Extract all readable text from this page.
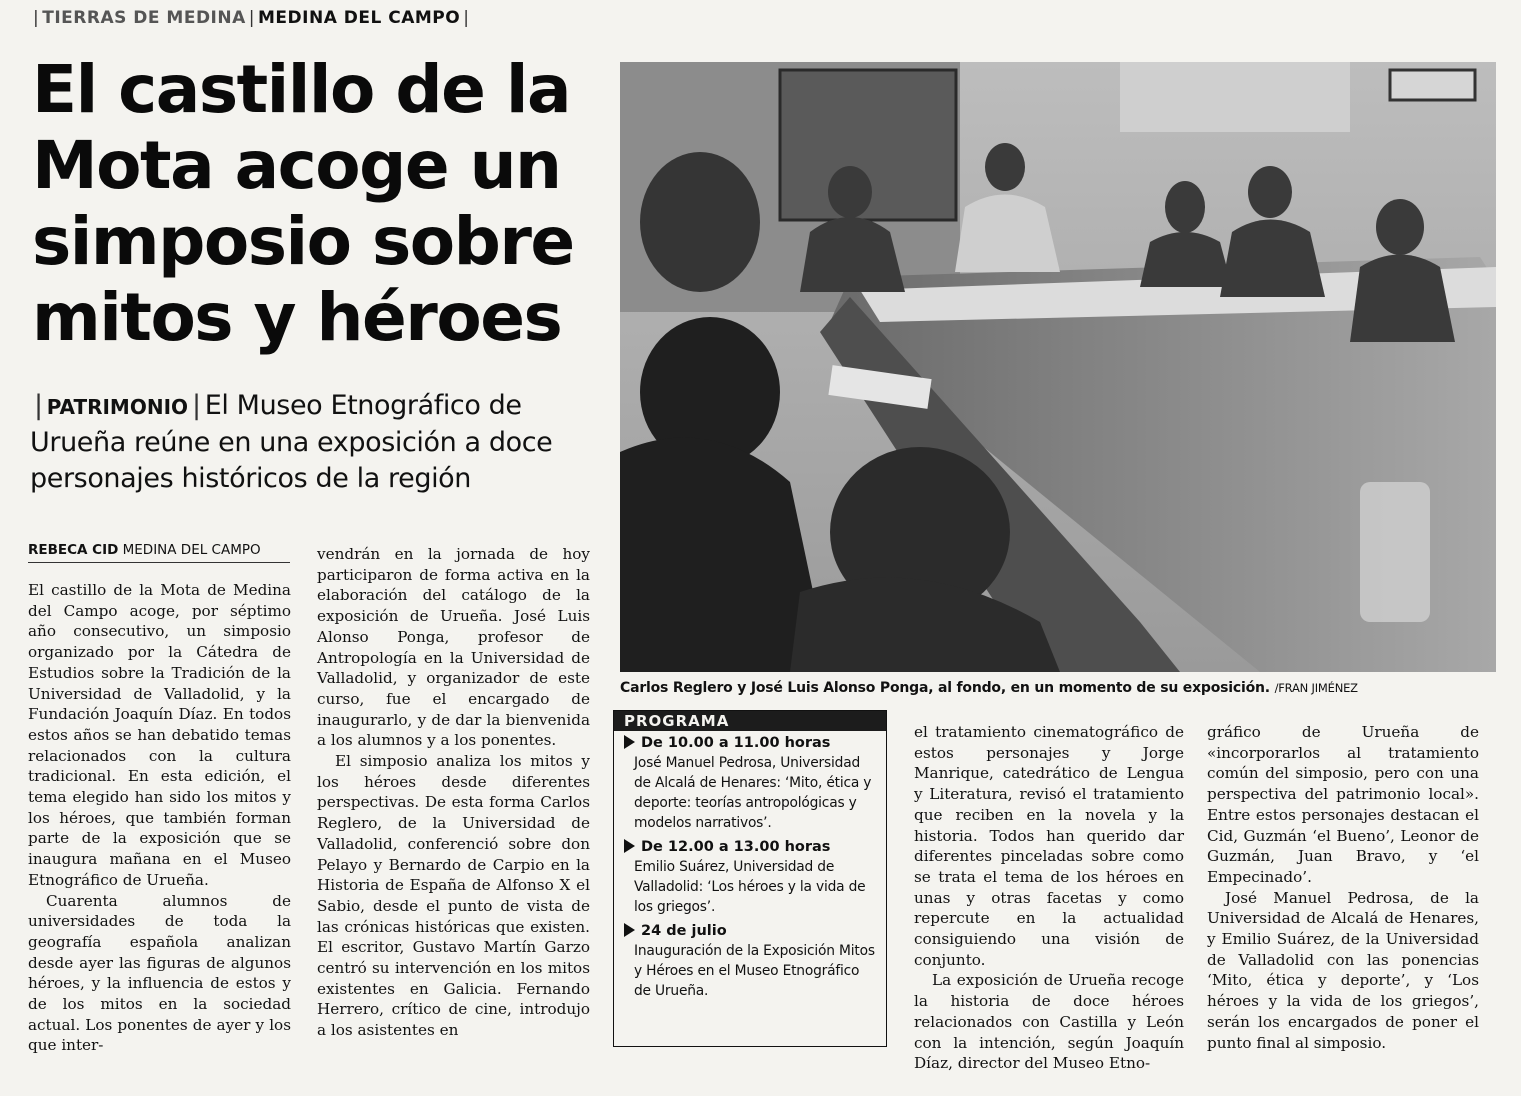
| TIERRAS DE MEDINA | MEDINA DEL CAMPO |
El castillo de la Mota acoge un simposio sobre mitos y héroes
| PATRIMONIO | El Museo Etnográfico de Urueña reúne en una exposición a doce personajes históricos de la región
REBECA CID MEDINA DEL CAMPO

El castillo de la Mota de Medina del Campo acoge, por séptimo año consecutivo, un simposio organizado por la Cátedra de Estudios sobre la Tradición de la Universidad de Valladolid, y la Fundación Joaquín Díaz. En todos estos años se han debatido temas relacionados con la cultura tradicional. En esta edición, el tema elegido han sido los mitos y los héroes, que también forman parte de la exposición que se inaugura mañana en el Museo Etnográfico de Urueña.

Cuarenta alumnos de universidades de toda la geografía española analizan desde ayer las figuras de algunos héroes, y la influencia de estos y de los mitos en la sociedad actual. Los ponentes de ayer y los que inter-

vendrán en la jornada de hoy participaron de forma activa en la elaboración del catálogo de la exposición de Urueña. José Luis Alonso Ponga, profesor de Antropología en la Universidad de Valladolid, y organizador de este curso, fue el encargado de inaugurarlo, y de dar la bienvenida a los alumnos y a los ponentes.

El simposio analiza los mitos y los héroes desde diferentes perspectivas. De esta forma Carlos Reglero, de la Universidad de Valladolid, conferenció sobre don Pelayo y Bernardo de Carpio en la Historia de España de Alfonso X el Sabio, desde el punto de vista de las crónicas históricas que existen. El escritor, Gustavo Martín Garzo centró su intervención en los mitos existentes en Galicia. Fernando Herrero, crítico de cine, introdujo a los asistentes en

Carlos Reglero y José Luis Alonso Ponga, al fondo, en un momento de su exposición. /FRAN JIMÉNEZ
PROGRAMA
De 10.00 a 11.00 horas
José Manuel Pedrosa, Universidad de Alcalá de Henares: ‘Mito, ética y deporte: teorías antropológicas y modelos narrativos’.
De 12.00 a 13.00 horas
Emilio Suárez, Universidad de Valladolid: ‘Los héroes y la vida de los griegos’.
24 de julio
Inauguración de la Exposición Mitos y Héroes en el Museo Etnográfico de Urueña.

el tratamiento cinematográfico de estos personajes y Jorge Manrique, catedrático de Lengua y Literatura, revisó el tratamiento que reciben en la novela y la historia. Todos han querido dar diferentes pinceladas sobre como se trata el tema de los héroes en unas y otras facetas y como repercute en la actualidad consiguiendo una visión de conjunto.

La exposición de Urueña recoge la historia de doce héroes relacionados con Castilla y León con la intención, según Joaquín Díaz, director del Museo Etno-

gráfico de Urueña de «incorporarlos al tratamiento común del simposio, pero con una perspectiva del patrimonio local». Entre estos personajes destacan el Cid, Guzmán ‘el Bueno’, Leonor de Guzmán, Juan Bravo, y ‘el Empecinado’.

José Manuel Pedrosa, de la Universidad de Alcalá de Henares, y Emilio Suárez, de la Universidad de Valladolid con las ponencias ‘Mito, ética y deporte’, y ‘Los héroes y la vida de los griegos’, serán los encargados de poner el punto final al simposio.
